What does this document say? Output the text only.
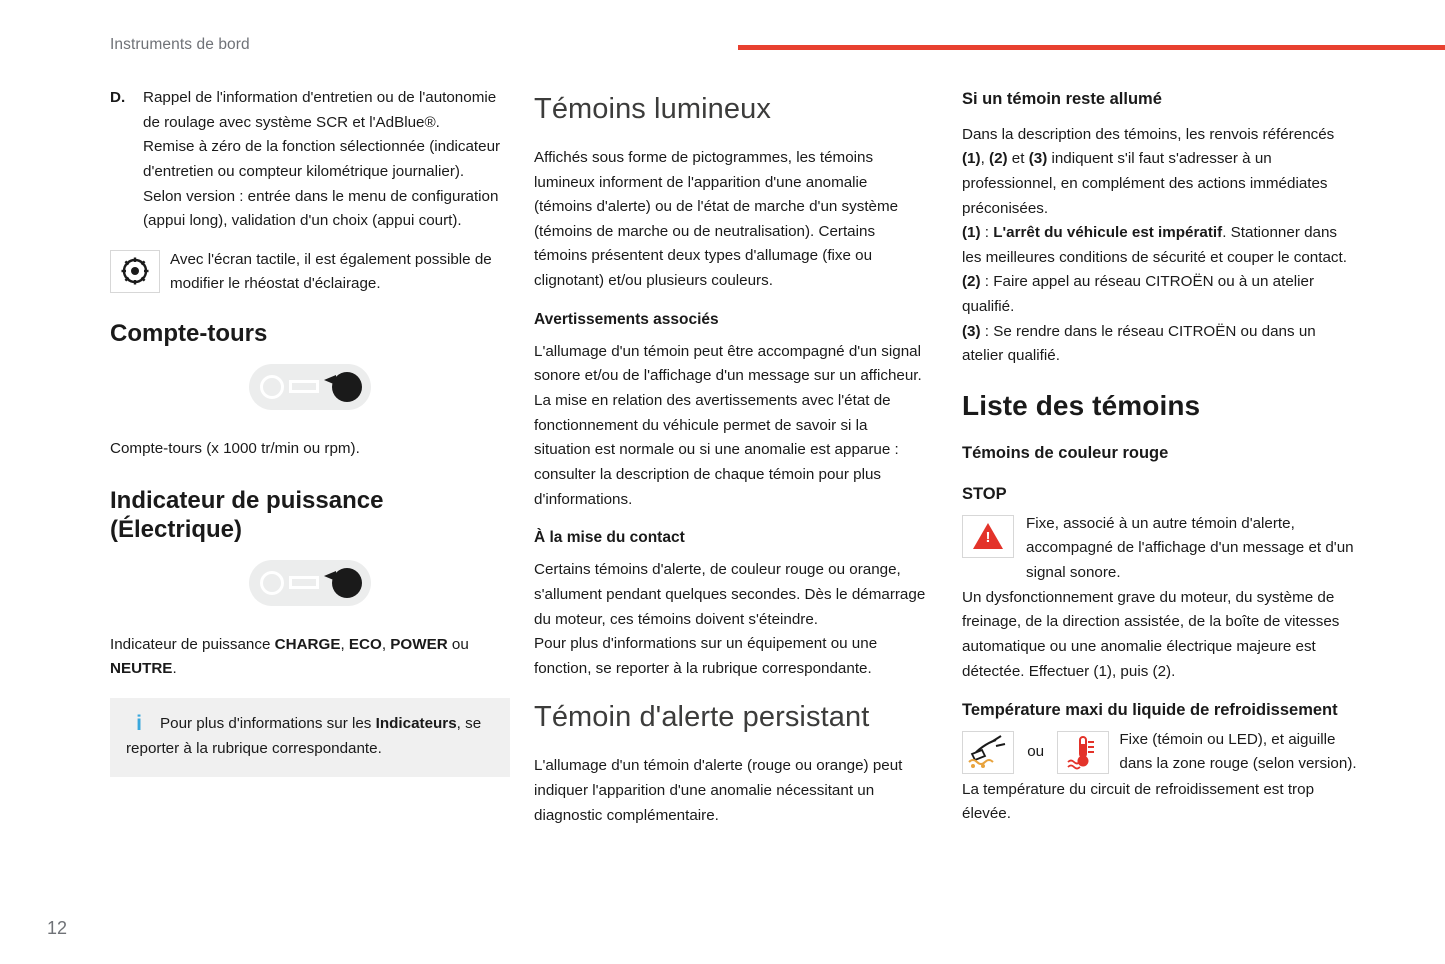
Instruments de bord
D. Rappel de l'information d'entretien ou de l'autonomie de roulage avec système SCR et l'AdBlue®.

Remise à zéro de la fonction sélectionnée (indicateur d'entretien ou compteur kilométrique journalier).

Selon version : entrée dans le menu de configuration (appui long), validation d'un choix (appui court).

Avec l'écran tactile, il est également possible de modifier le rhéostat d'éclairage.

Compte-tours

Compte-tours (x 1000 tr/min ou rpm).

Indicateur de puissance (Électrique)

Indicateur de puissance CHARGE, ECO, POWER ou NEUTRE.

i	Pour plus d'informations sur les Indicateurs, se reporter à la rubrique correspondante.

Témoins lumineux

Affichés sous forme de pictogrammes, les témoins lumineux informent de l'apparition d'une anomalie (témoins d'alerte) ou de l'état de marche d'un système (témoins de marche ou de neutralisation). Certains témoins présentent deux types d'allumage (fixe ou clignotant) et/ou plusieurs couleurs.

Avertissements associés

L'allumage d'un témoin peut être accompagné d'un signal sonore et/ou de l'affichage d'un message sur un afficheur.

La mise en relation des avertissements avec l'état de fonctionnement du véhicule permet de savoir si la situation est normale ou si une anomalie est apparue : consulter la description de chaque témoin pour plus d'informations.

À la mise du contact

Certains témoins d'alerte, de couleur rouge ou orange, s'allument pendant quelques secondes. Dès le démarrage du moteur, ces témoins doivent s'éteindre.

Pour plus d'informations sur un équipement ou une fonction, se reporter à la rubrique correspondante.

Témoin d'alerte persistant

L'allumage d'un témoin d'alerte (rouge ou orange) peut indiquer l'apparition d'une anomalie nécessitant un diagnostic complémentaire.

Si un témoin reste allumé

Dans la description des témoins, les renvois référencés (1), (2) et (3) indiquent s'il faut s'adresser à un professionnel, en complément des actions immédiates préconisées.

(1) : L'arrêt du véhicule est impératif. Stationner dans les meilleures conditions de sécurité et couper le contact.

(2) : Faire appel au réseau CITROËN ou à un atelier qualifié.

(3) : Se rendre dans le réseau CITROËN ou dans un atelier qualifié.

Liste des témoins
Témoins de couleur rouge
STOP
!

Fixe, associé à un autre témoin d'alerte, accompagné de l'affichage d'un message et d'un signal sonore.

Un dysfonctionnement grave du moteur, du système de freinage, de la direction assistée, de la boîte de vitesses automatique ou une anomalie électrique majeure est détectée. Effectuer (1), puis (2).

Température maxi du liquide de refroidissement
ou

Fixe (témoin ou LED), et aiguille dans la zone rouge (selon version).

La température du circuit de refroidissement est trop élevée.

12
